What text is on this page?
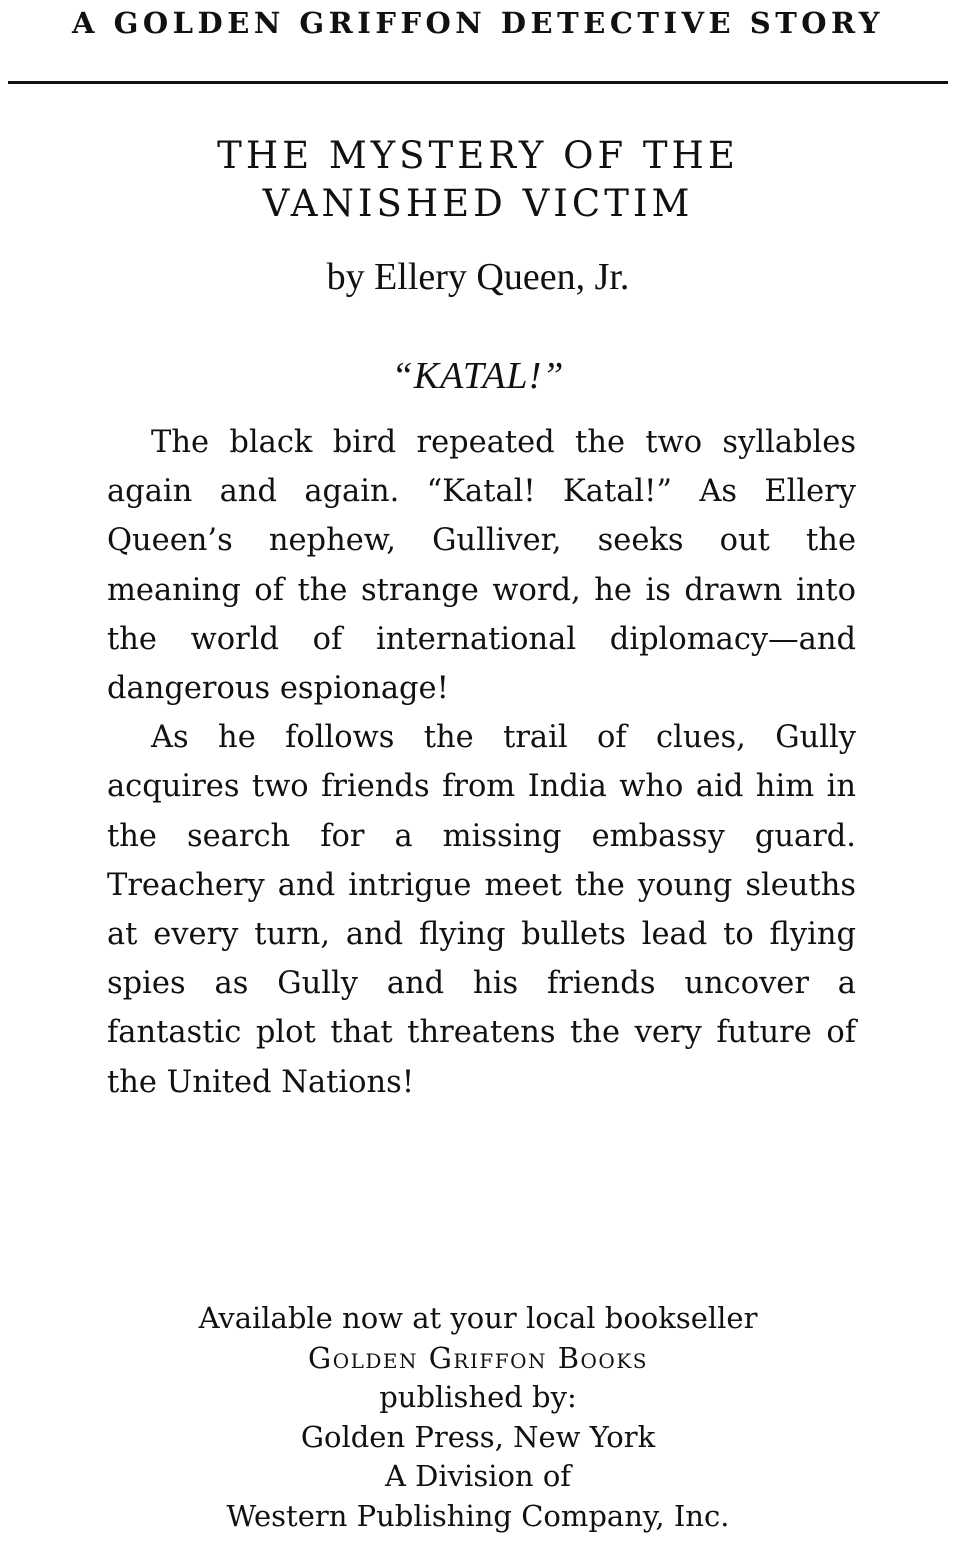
A GOLDEN GRIFFON DETECTIVE STORY
THE MYSTERY OF THE
VANISHED VICTIM
by Ellery Queen, Jr.
“KATAL!”

The black bird repeated the two syllables again and again. “Katal! Katal!” As Ellery Queen’s nephew, Gulliver, seeks out the meaning of the strange word, he is drawn into the world of international diplomacy—and dangerous espionage!

As he follows the trail of clues, Gully acquires two friends from India who aid him in the search for a missing embassy guard. Treachery and intrigue meet the young sleuths at every turn, and flying bullets lead to flying spies as Gully and his friends uncover a fantastic plot that threatens the very future of the United Nations!

Available now at your local bookseller
Golden Griffon Books
published by:
Golden Press, New York
A Division of
Western Publishing Company, Inc.
